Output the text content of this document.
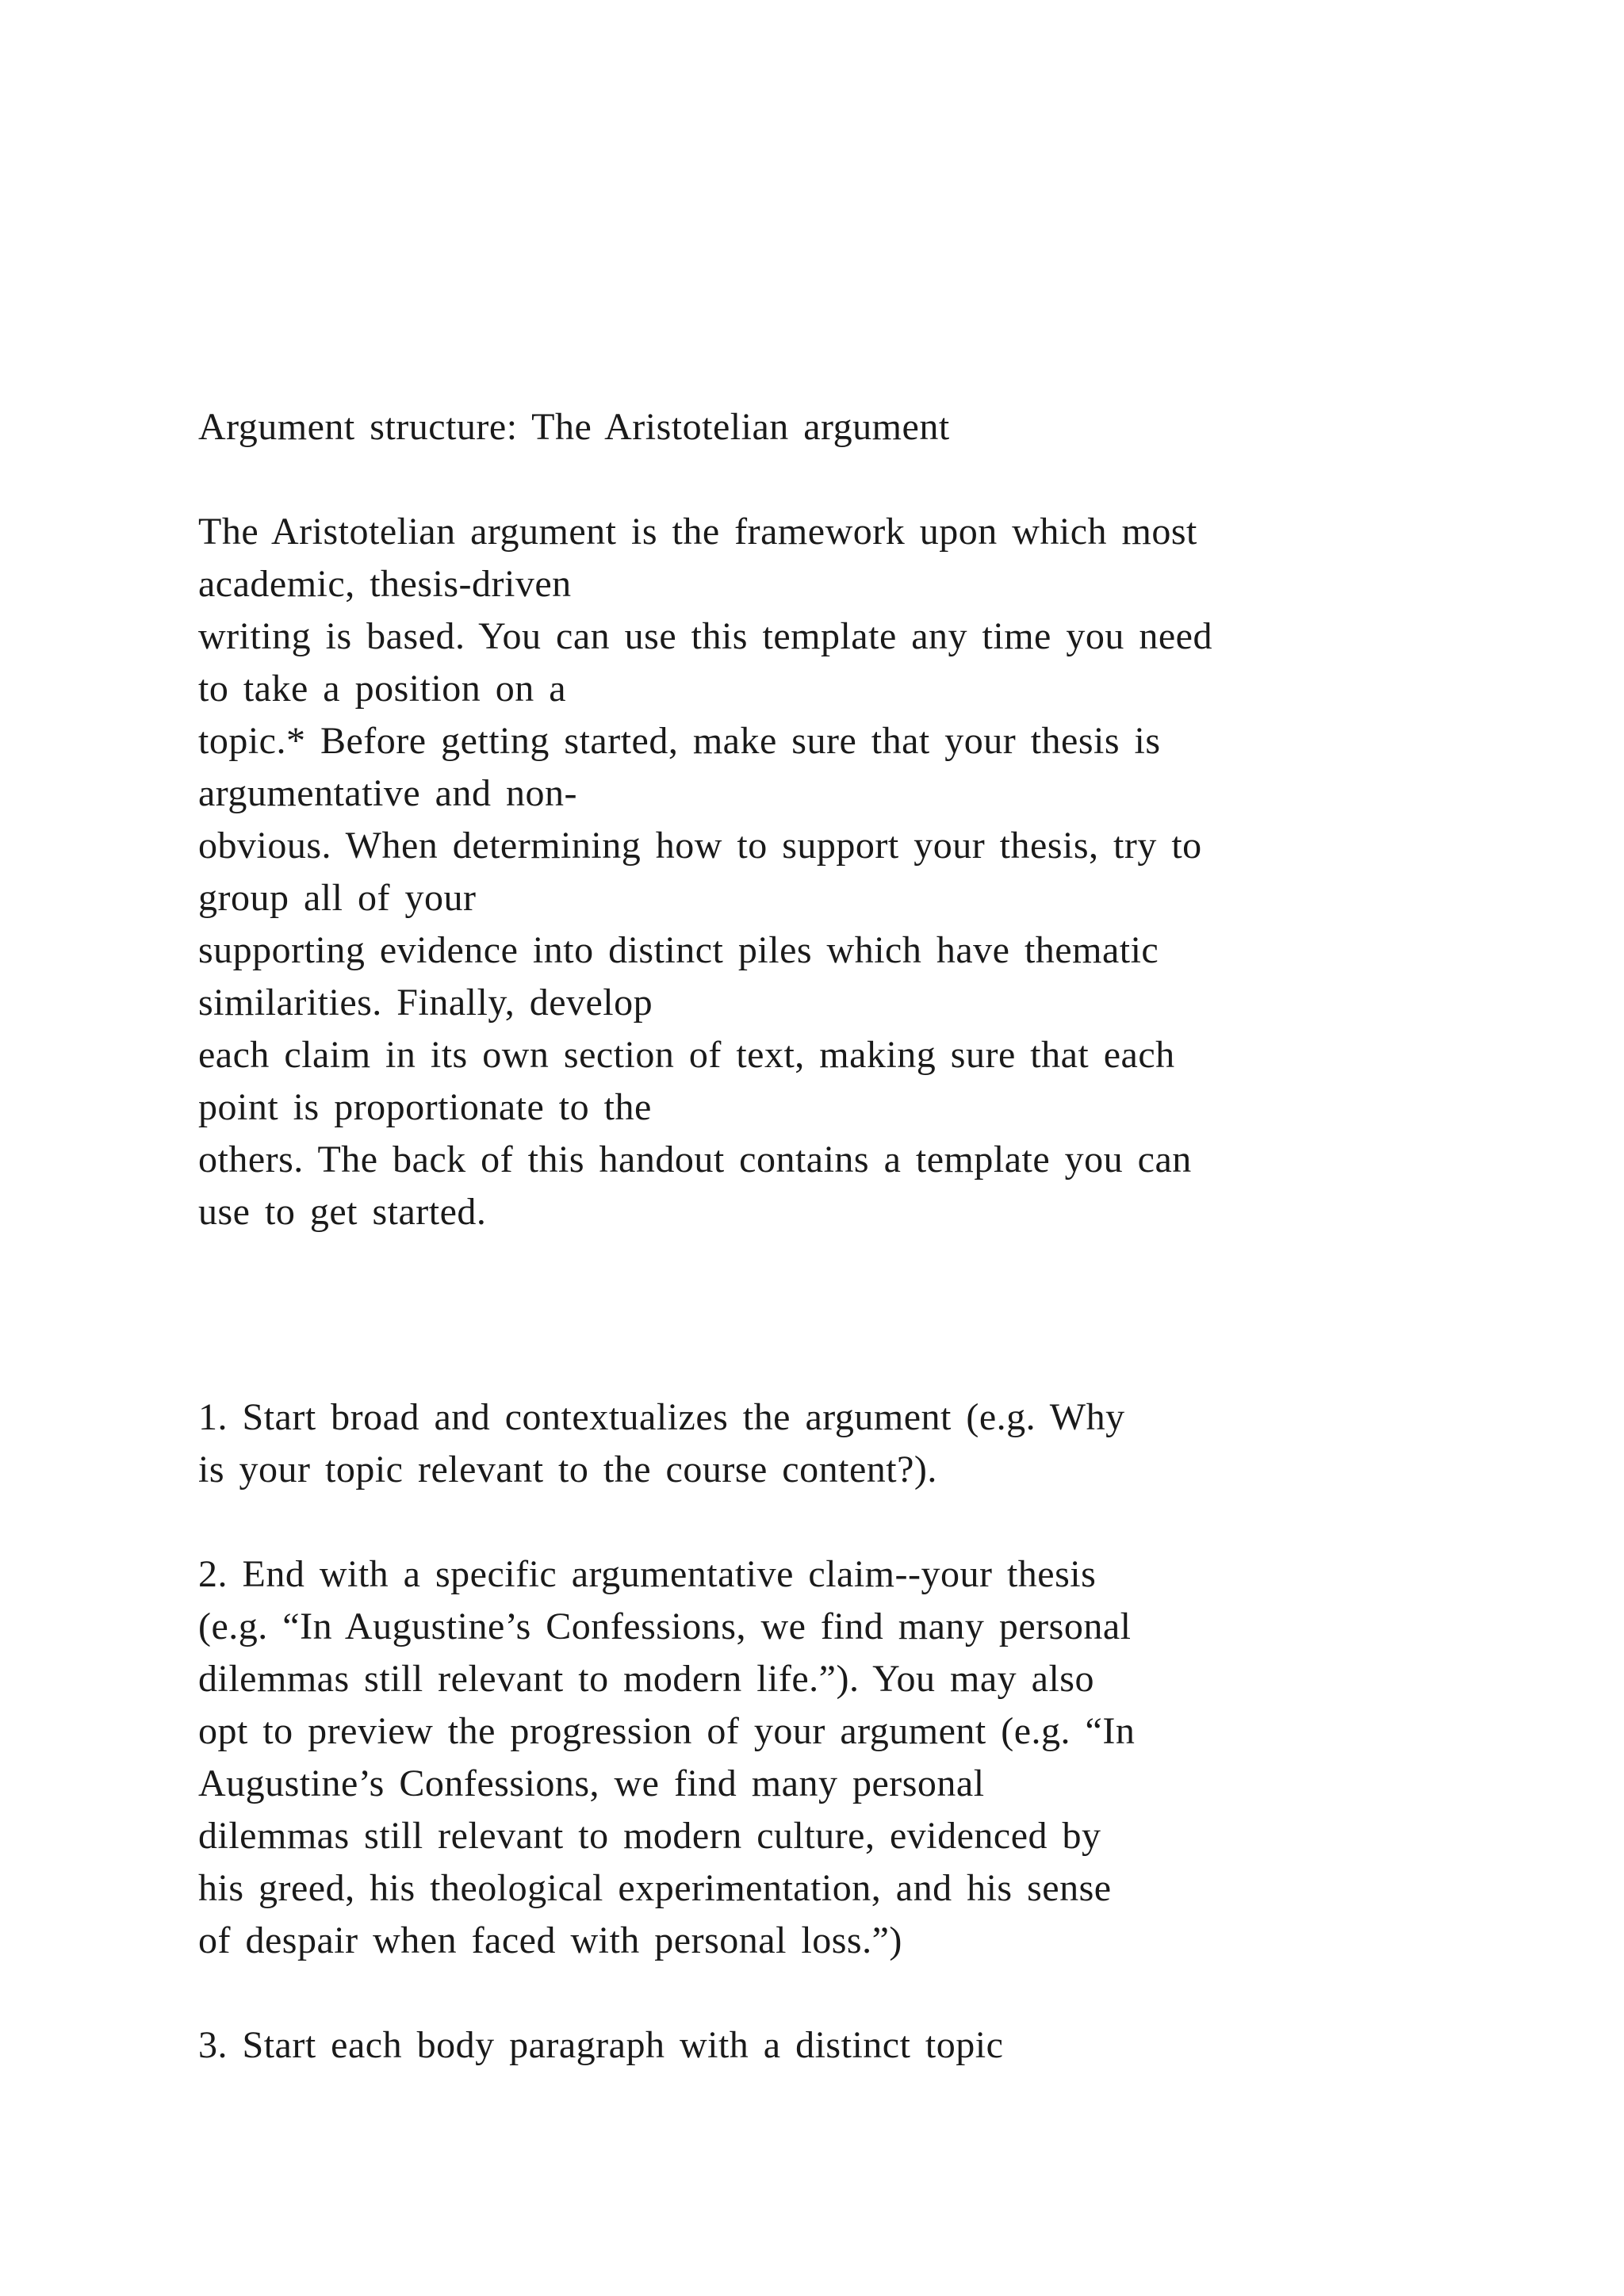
Argument structure: The Aristotelian argument
The Aristotelian argument is the framework upon which most
academic, thesis-driven
writing is based. You can use this template any time you need
to take a position on a
topic.* Before getting started, make sure that your thesis is
argumentative and non-
obvious. When determining how to support your thesis, try to
group all of your
supporting evidence into distinct piles which have thematic
similarities. Finally, develop
each claim in its own section of text, making sure that each
point is proportionate to the
others. The back of this handout contains a template you can
use to get started.
1. Start broad and contextualizes the argument (e.g. Why
is your topic relevant to the course content?).
2. End with a specific argumentative claim--your thesis
(e.g. “In Augustine’s Confessions, we find many personal
dilemmas still relevant to modern life.”). You may also
opt to preview the progression of your argument (e.g. “In
Augustine’s Confessions, we find many personal
dilemmas still relevant to modern culture, evidenced by
his greed, his theological experimentation, and his sense
of despair when faced with personal loss.”)
3. Start each body paragraph with a distinct topic
